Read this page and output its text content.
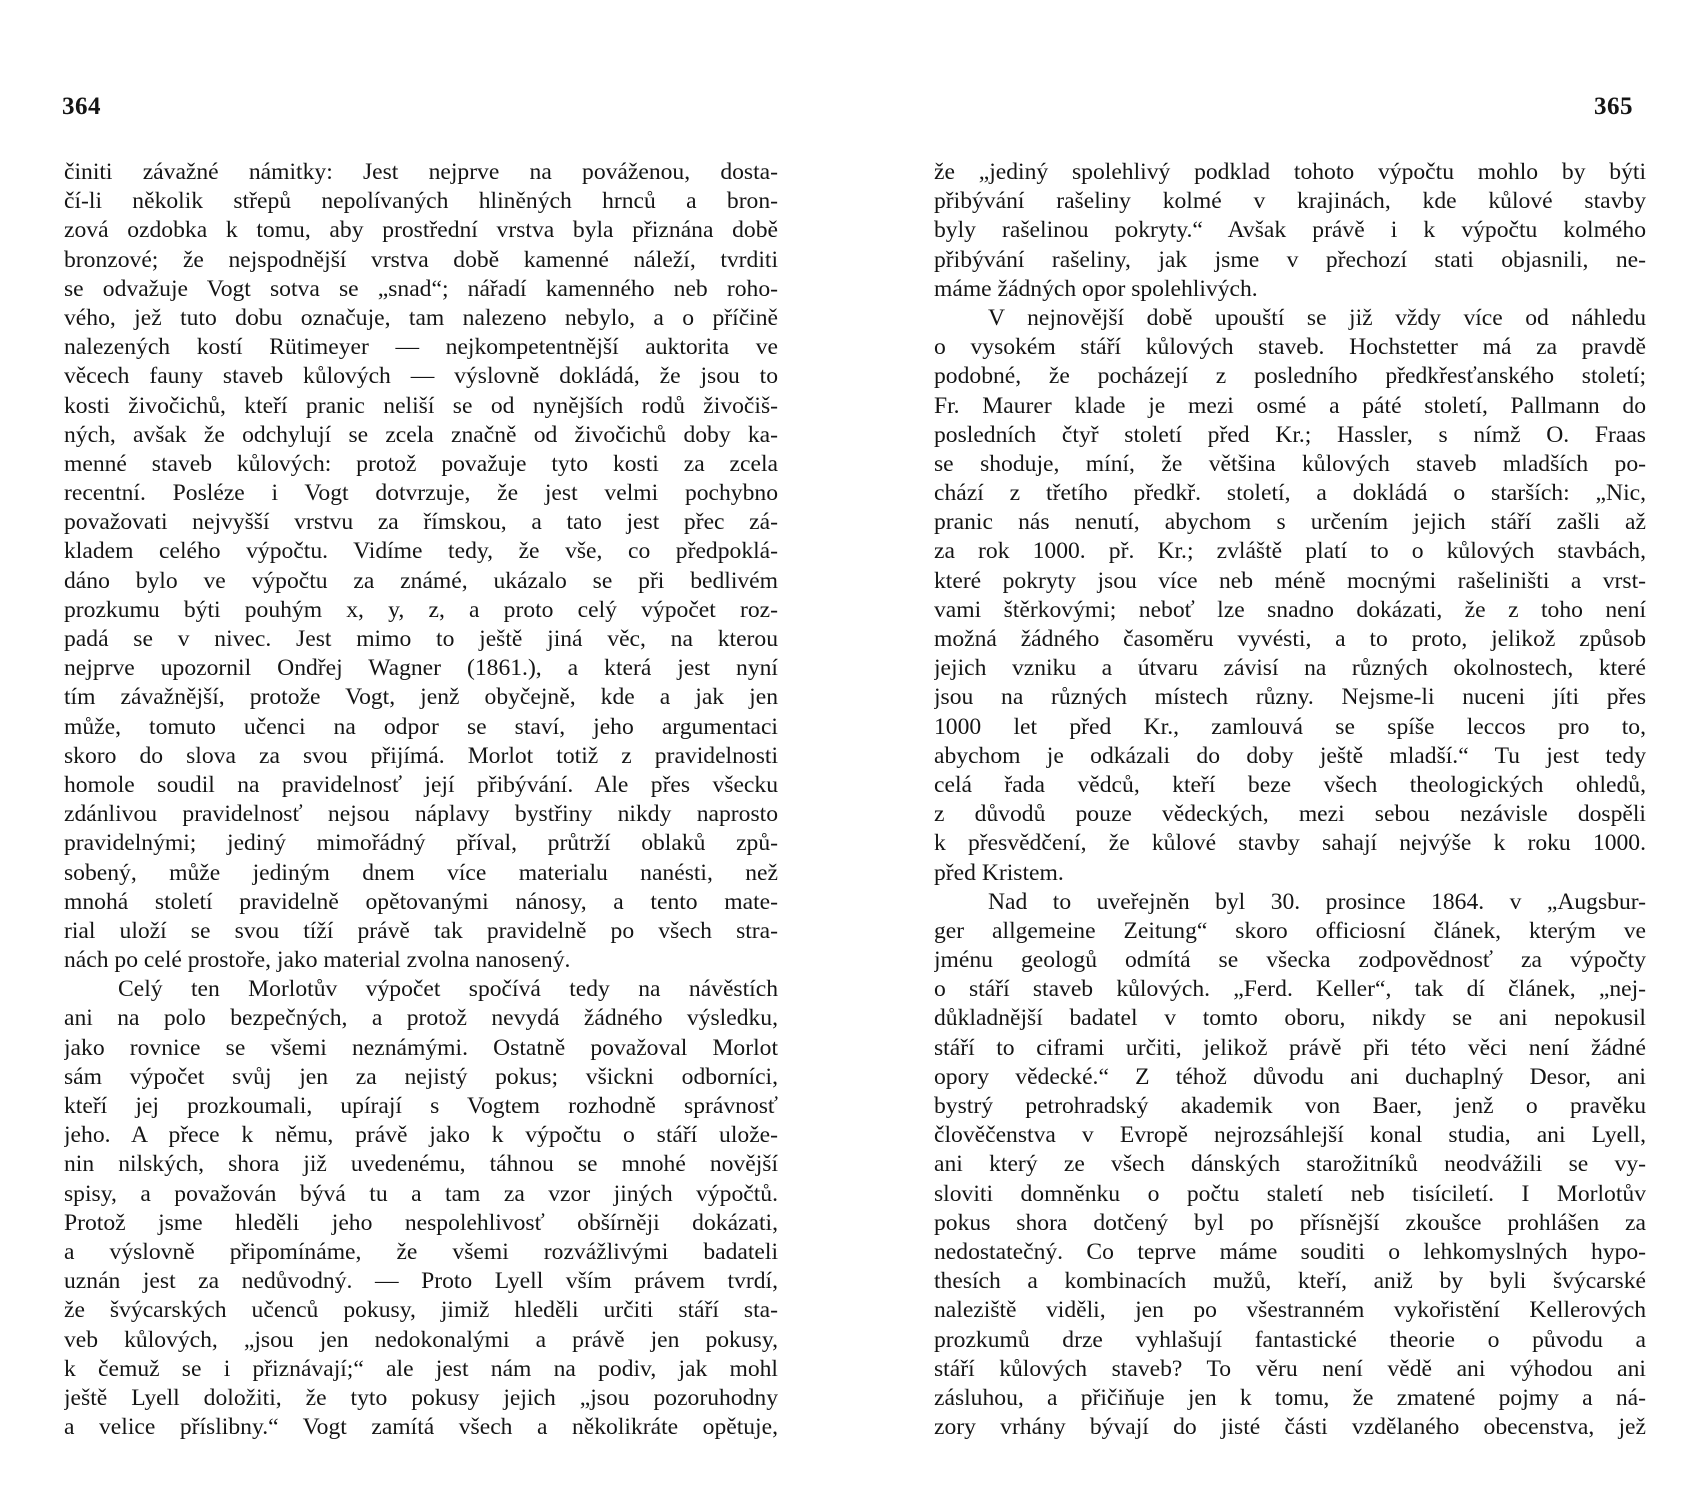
364
činiti závažné námitky: Jest nejprve na pováženou, dosta-
čí-li několik střepů nepolívaných hliněných hrnců a bron-
zová ozdobka k tomu, aby prostřední vrstva byla přiznána době
bronzové; že nejspodnější vrstva době kamenné náleží, tvrditi
se odvažuje Vogt sotva se „snad“; nářadí kamenného neb roho-
vého, jež tuto dobu označuje, tam nalezeno nebylo, a o příčině
nalezených kostí Rütimeyer — nejkompetentnější auktorita ve
věcech fauny staveb kůlových — výslovně dokládá, že jsou to
kosti živočichů, kteří pranic neliší se od nynějších rodů živočiš-
ných, avšak že odchylují se zcela značně od živočichů doby ka-
menné staveb kůlových: protož považuje tyto kosti za zcela
recentní. Posléze i Vogt dotvrzuje, že jest velmi pochybno
považovati nejvyšší vrstvu za římskou, a tato jest přec zá-
kladem celého výpočtu. Vidíme tedy, že vše, co předpoklá-
dáno bylo ve výpočtu za známé, ukázalo se při bedlivém
prozkumu býti pouhým x, y, z, a proto celý výpočet roz-
padá se v nivec. Jest mimo to ještě jiná věc, na kterou
nejprve upozornil Ondřej Wagner (1861.), a která jest nyní
tím závažnější, protože Vogt, jenž obyčejně, kde a jak jen
může, tomuto učenci na odpor se staví, jeho argumentaci
skoro do slova za svou přijímá. Morlot totiž z pravidelnosti
homole soudil na pravidelnosť její přibývání. Ale přes všecku
zdánlivou pravidelnosť nejsou náplavy bystřiny nikdy naprosto
pravidelnými; jediný mimořádný příval, průtrží oblaků způ-
sobený, může jediným dnem více materialu nanésti, než
mnohá století pravidelně opětovanými nánosy, a tento mate-
rial uloží se svou tíží právě tak pravidelně po všech stra-
nách po celé prostoře, jako material zvolna nanosený.
Celý ten Morlotův výpočet spočívá tedy na návěstích
ani na polo bezpečných, a protož nevydá žádného výsledku,
jako rovnice se všemi neznámými. Ostatně považoval Morlot
sám výpočet svůj jen za nejistý pokus; všickni odborníci,
kteří jej prozkoumali, upírají s Vogtem rozhodně správnosť
jeho. A přece k němu, právě jako k výpočtu o stáří ulože-
nin nilských, shora již uvedenému, táhnou se mnohé novější
spisy, a považován bývá tu a tam za vzor jiných výpočtů.
Protož jsme hleděli jeho nespolehlivosť obšírněji dokázati,
a výslovně připomínáme, že všemi rozvážlivými badateli
uznán jest za nedůvodný. — Proto Lyell vším právem tvrdí,
že švýcarských učenců pokusy, jimiž hleděli určiti stáří sta-
veb kůlových, „jsou jen nedokonalými a právě jen pokusy,
k čemuž se i přiznávají;“ ale jest nám na podiv, jak mohl
ještě Lyell doložiti, že tyto pokusy jejich „jsou pozoruhodny
a velice příslibny.“ Vogt zamítá všech a několikráte opětuje,
365
že „jediný spolehlivý podklad tohoto výpočtu mohlo by býti
přibývání rašeliny kolmé v krajinách, kde kůlové stavby
byly rašelinou pokryty.“ Avšak právě i k výpočtu kolmého
přibývání rašeliny, jak jsme v přechozí stati objasnili, ne-
máme žádných opor spolehlivých.
V nejnovější době upouští se již vždy více od náhledu
o vysokém stáří kůlových staveb. Hochstetter má za pravdě
podobné, že pocházejí z posledního předkřesťanského století;
Fr. Maurer klade je mezi osmé a páté století, Pallmann do
posledních čtyř století před Kr.; Hassler, s nímž O. Fraas
se shoduje, míní, že většina kůlových staveb mladších po-
chází z třetího předkř. století, a dokládá o starších: „Nic,
pranic nás nenutí, abychom s určením jejich stáří zašli až
za rok 1000. př. Kr.; zvláště platí to o kůlových stavbách,
které pokryty jsou více neb méně mocnými rašeliništi a vrst-
vami štěrkovými; neboť lze snadno dokázati, že z toho není
možná žádného časoměru vyvésti, a to proto, jelikož způsob
jejich vzniku a útvaru závisí na různých okolnostech, které
jsou na různých místech různy. Nejsme-li nuceni jíti přes
1000 let před Kr., zamlouvá se spíše leccos pro to,
abychom je odkázali do doby ještě mladší.“ Tu jest tedy
celá řada vědců, kteří beze všech theologických ohledů,
z důvodů pouze vědeckých, mezi sebou nezávisle dospěli
k přesvědčení, že kůlové stavby sahají nejvýše k roku 1000.
před Kristem.
Nad to uveřejněn byl 30. prosince 1864. v „Augsbur-
ger allgemeine Zeitung“ skoro officiosní článek, kterým ve
jménu geologů odmítá se všecka zodpovědnosť za výpočty
o stáří staveb kůlových. „Ferd. Keller“, tak dí článek, „nej-
důkladnější badatel v tomto oboru, nikdy se ani nepokusil
stáří to ciframi určiti, jelikož právě při této věci není žádné
opory vědecké.“ Z téhož důvodu ani duchaplný Desor, ani
bystrý petrohradský akademik von Baer, jenž o pravěku
člověčenstva v Evropě nejrozsáhlejší konal studia, ani Lyell,
ani který ze všech dánských starožitníků neodvážili se vy-
sloviti domněnku o počtu staletí neb tisíciletí. I Morlotův
pokus shora dotčený byl po přísnější zkoušce prohlášen za
nedostatečný. Co teprve máme souditi o lehkomyslných hypo-
thesích a kombinacích mužů, kteří, aniž by byli švýcarské
naleziště viděli, jen po všestranném vykořistění Kellerových
prozkumů drze vyhlašují fantastické theorie o původu a
stáří kůlových staveb? To věru není vědě ani výhodou ani
zásluhou, a přičiňuje jen k tomu, že zmatené pojmy a ná-
zory vrhány bývají do jisté části vzdělaného obecenstva, jež
